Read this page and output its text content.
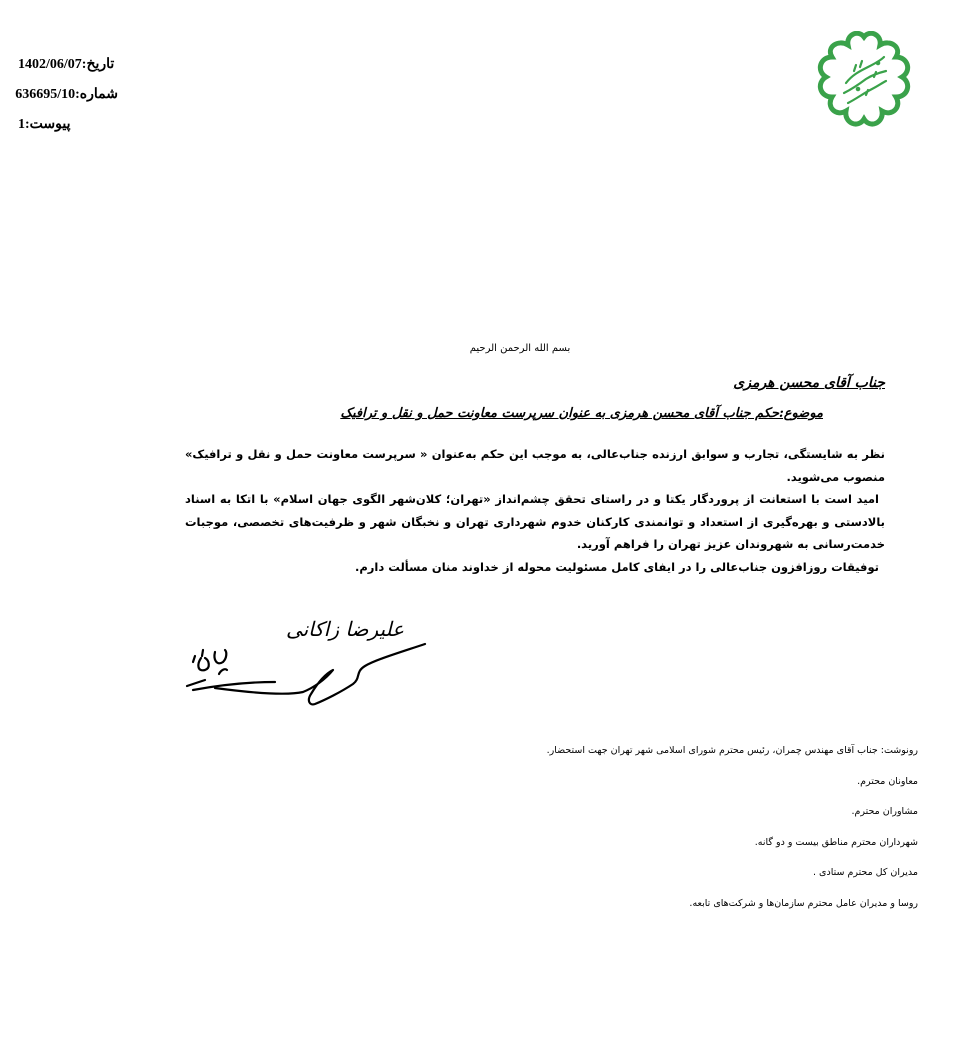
تاریخ:1402/06/07
شماره:636695/10
پیوست:1
بسم الله الرحمن الرحیم
جناب آقای محسن هرمزی
موضوع:حکم جناب آقای محسن هرمزی به عنوان سرپرست معاونت حمل و نقل و ترافیک

نظر به شایستگی، تجارب و سوابق ارزنده جناب‌عالی، به موجب این حکم به‌عنوان « سرپرست معاونت حمل و نقل و ترافیک» منصوب می‌شوید.

امید است با استعانت از پروردگار یکتا و در راستای تحقق چشم‌انداز «تهران؛ کلان‌شهر الگوی جهان اسلام» با اتکا به اسناد بالادستی و بهره‌گیری از استعداد و توانمندی کارکنان خدوم شهرداری تهران و نخبگان شهر و ظرفیت‌های تخصصی، موجبات خدمت‌رسانی به شهروندان عزیز تهران را فراهم آورید.

توفیقات روزافزون جناب‌عالی را در ایفای کامل مسئولیت محوله از خداوند منان مسألت دارم.

علیرضا زاکانی
رونوشت: جناب آقای مهندس چمران، رئیس محترم شورای اسلامی شهر تهران جهت استحضار.
معاونان محترم.
مشاوران محترم.
شهرداران محترم مناطق بیست و دو گانه.
مدیران کل محترم ستادی .
روسا و مدیران عامل محترم سازمان‌ها و شرکت‌های تابعه.
